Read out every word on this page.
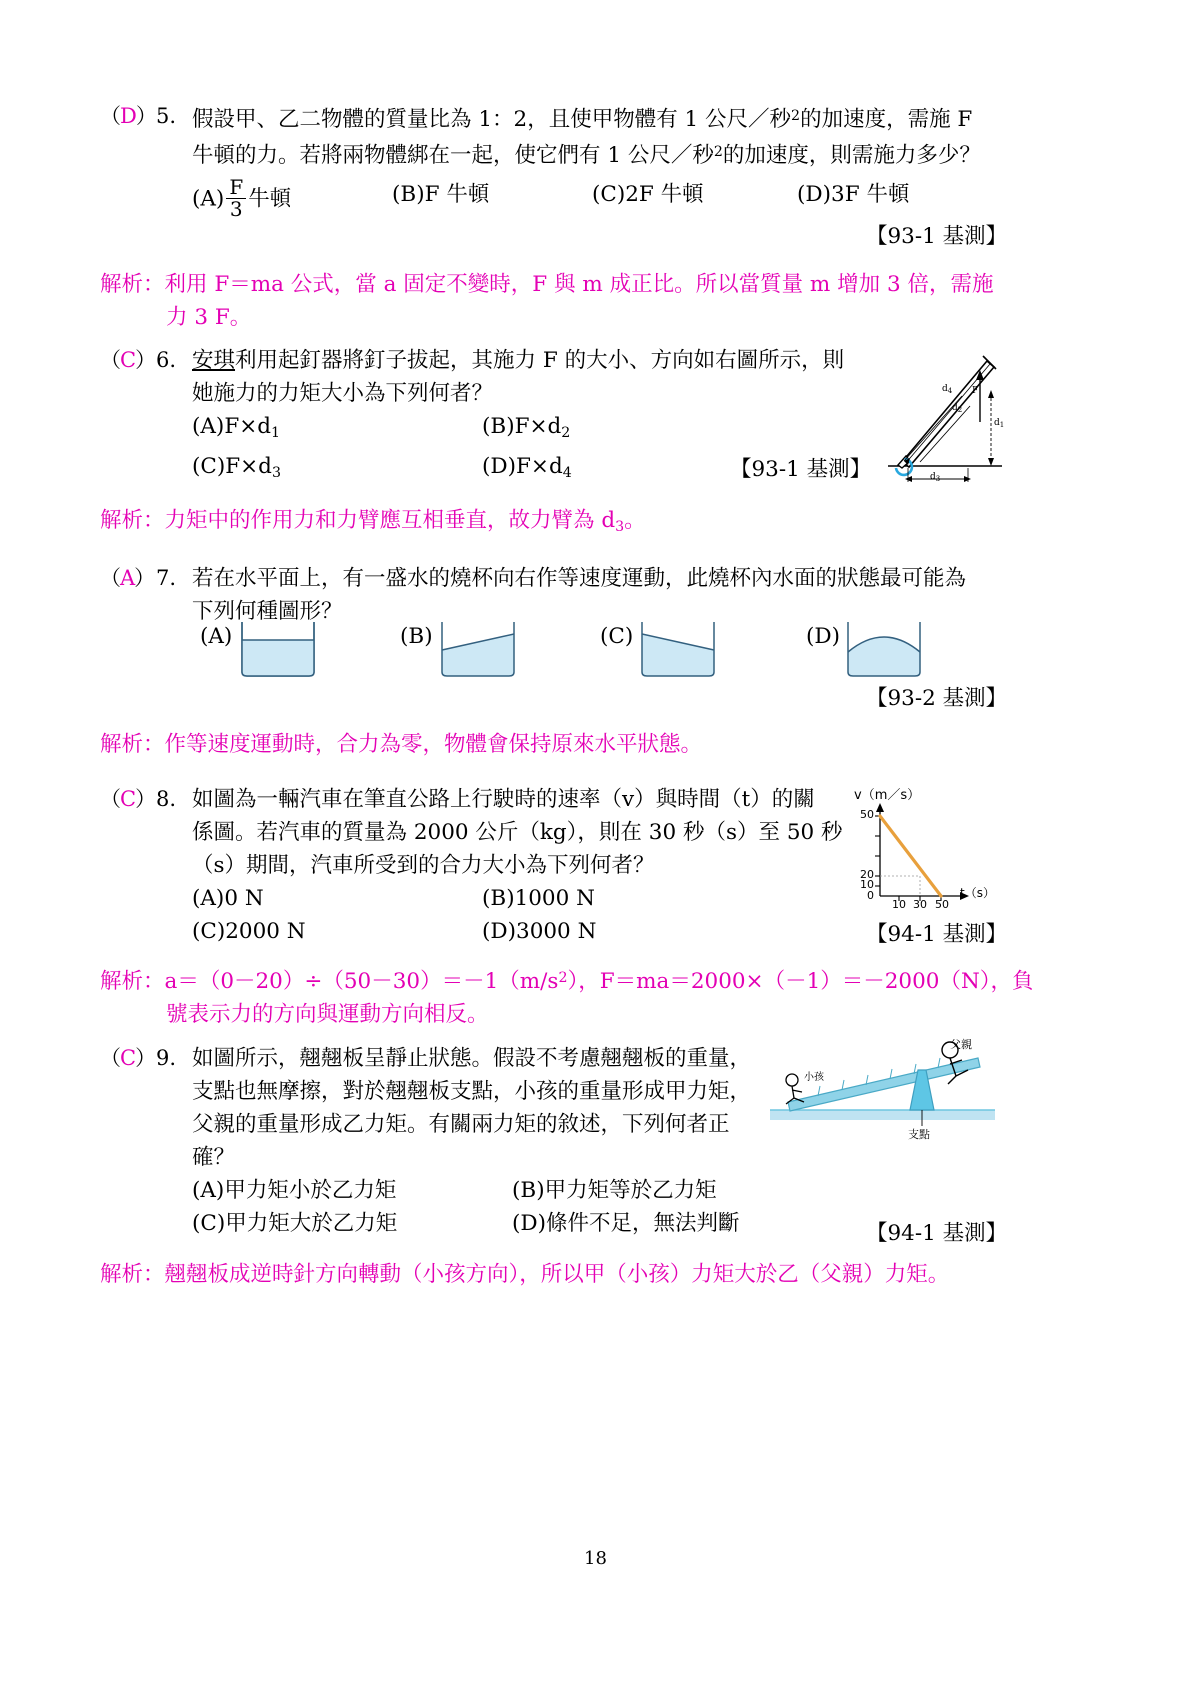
（D） 5. 假設甲、乙二物體的質量比為 1：2，且使甲物體有 1 公尺／秒$^2$的加速度，需施 F

牛頓的力。若將兩物體綁在一起，使它們有 1 公尺／秒$^2$的加速度，則需施力多少？

$(A) \frac{F}{3}$ 牛頓	(B)F 牛頓	(C)2F 牛頓	(D)3F 牛頓
【93-1 基測】

解析：利用 F＝ma 公式，當 a 固定不變時，F 與 m 成正比。所以當質量 m 增加 3 倍，需施

力 3 F。

（C） 6. 安琪利用起釘器將釘子拔起，其施力 F 的大小、方向如右圖所示，則

她施力的力矩大小為下列何者？

$(A)F\times d_1$	$(B)F\times d_2$
$(C)F\times d_3$	$(D)F\times d_4$	【93-1 基測】
$d_4$
$d_2$
F
$d_1$
$d_3$

解析：力矩中的作用力和力臂應互相垂直，故力臂為 $d_3$。

（A） 7. 若在水平面上，有一盛水的燒杯向右作等速度運動，此燒杯內水面的狀態最可能為

下列何種圖形？

(A)	(B)	(C)	(D)
【93-2 基測】

解析：作等速度運動時，合力為零，物體會保持原來水平狀態。

（C） 8. 如圖為一輛汽車在筆直公路上行駛時的速率（v）與時間（t）的關

係圖。若汽車的質量為 2000 公斤（kg），則在 30 秒（s）至 50 秒

（s）期間，汽車所受到的合力大小為下列何者？

(A)0 N	(B)1000 N
(C)2000 N	(D)3000 N
v（m／s）
50
20
10
0
10 30 50
t（s）
【94-1 基測】

解析：$a=(0-20)\div(50-30)=-1(m/s^2)$，F＝ma＝2000×（－1）＝－2000（N），負

號表示力的方向與運動方向相反。

（C） 9. 如圖所示，翹翹板呈靜止狀態。假設不考慮翹翹板的重量，

支點也無摩擦，對於翹翹板支點，小孩的重量形成甲力矩，

父親的重量形成乙力矩。有關兩力矩的敘述，下列何者正

確？

(A)甲力矩小於乙力矩	(B)甲力矩等於乙力矩
(C)甲力矩大於乙力矩	(D)條件不足，無法判斷
小孩
父親
支點
【94-1 基測】

解析：翹翹板成逆時針方向轉動（小孩方向），所以甲（小孩）力矩大於乙（父親）力矩。

18
